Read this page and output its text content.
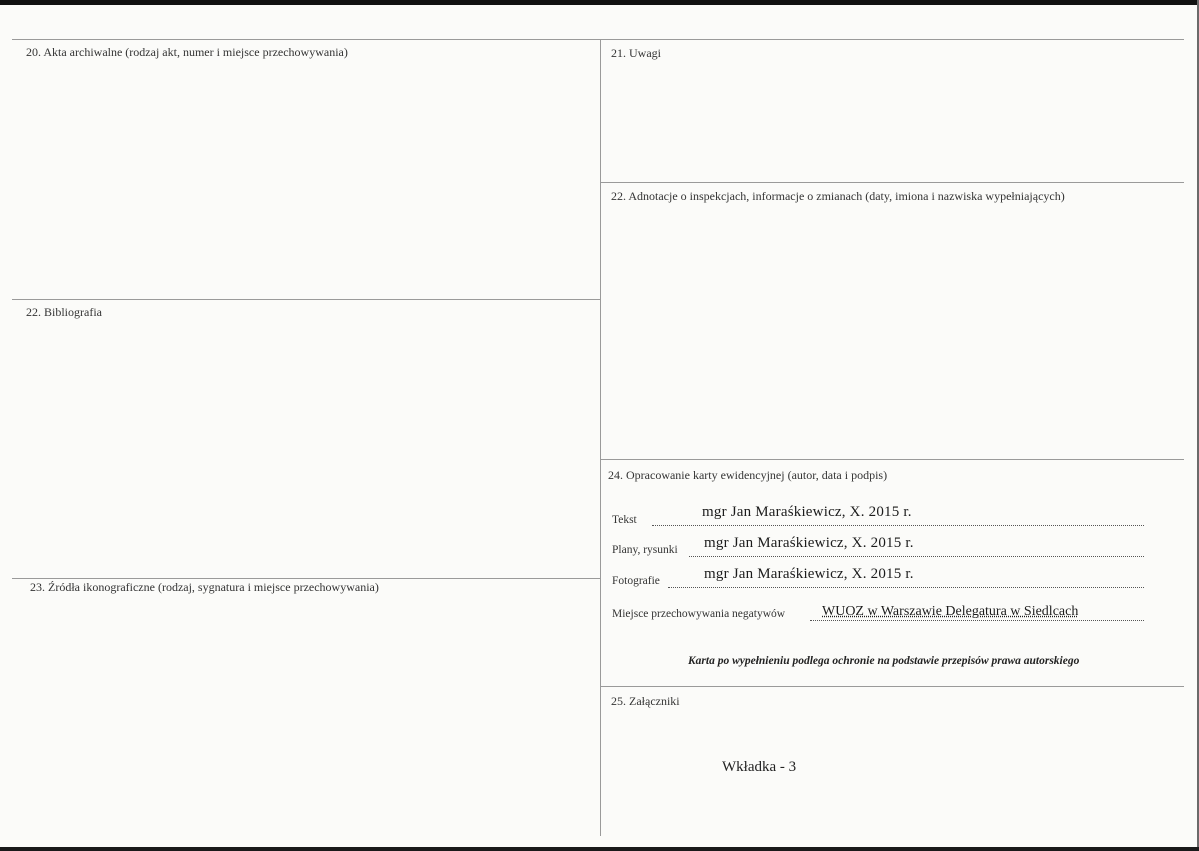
20. Akta archiwalne (rodzaj akt, numer i miejsce przechowywania)
22. Bibliografia
23. Źródła ikonograficzne (rodzaj, sygnatura i miejsce przechowywania)
21. Uwagi
22. Adnotacje o inspekcjach, informacje o zmianach (daty, imiona i nazwiska wypełniających)
24. Opracowanie karty ewidencyjnej (autor, data i podpis)
Tekst	mgr Jan Maraśkiewicz, X. 2015 r.
Plany, rysunki mgr Jan Maraśkiewicz, X. 2015 r.
Fotografie	mgr Jan Maraśkiewicz, X. 2015 r.
Miejsce przechowywania negatywów	WUOZ w Warszawie Delegatura w Siedlcach
Karta po wypełnieniu podlega ochronie na podstawie przepisów prawa autorskiego
25. Załączniki
Wkładka - 3
